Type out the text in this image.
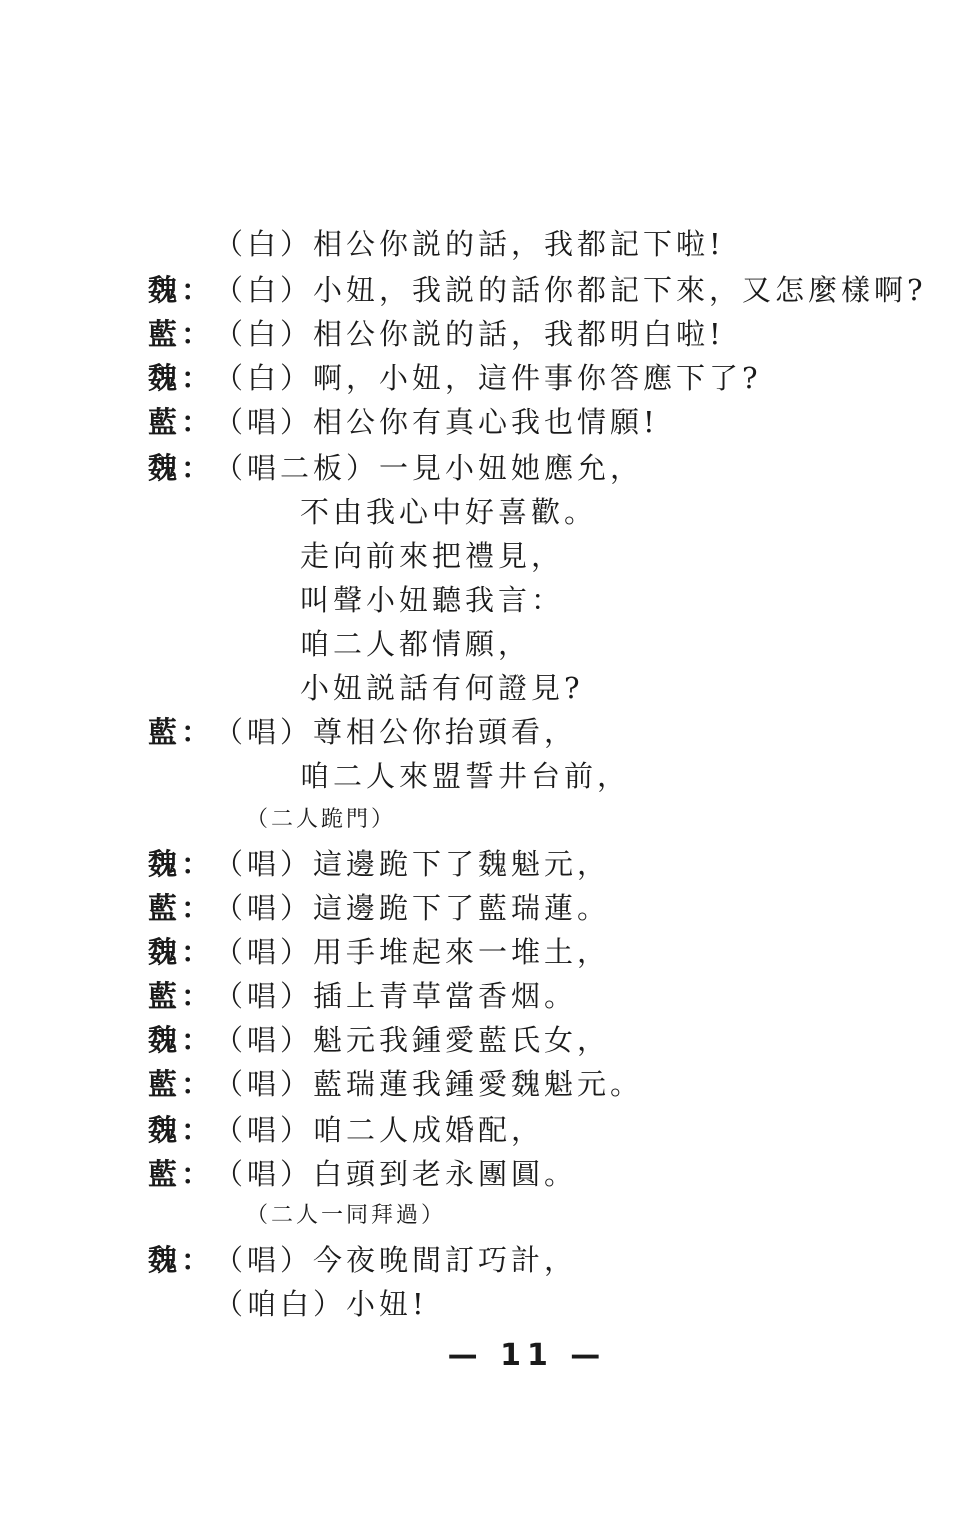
（白）相公你説的話，我都記下啦!
魏： （白）小妞，我説的話你都記下來，又怎麼樣啊?
藍： （白）相公你説的話，我都明白啦!
魏： （白）啊，小妞，這件事你答應下了?
藍： （唱）相公你有真心我也情願!
魏： （唱二板）一見小妞她應允，
不由我心中好喜歡。
走向前來把禮見，
叫聲小妞聽我言：
咱二人都情願，
小妞説話有何證見?
藍： （唱）尊相公你抬頭看，
咱二人來盟誓井台前，
（二人跪門）
魏： （唱）這邊跪下了魏魁元，
藍： （唱）這邊跪下了藍瑞蓮。
魏： （唱）用手堆起來一堆土，
藍： （唱）插上青草當香烟。
魏： （唱）魁元我鍾愛藍氏女，
藍： （唱）藍瑞蓮我鍾愛魏魁元。
魏： （唱）咱二人成婚配，
藍： （唱）白頭到老永團圓。
（二人一同拜過）
魏： （唱）今夜晚間訂巧計，
（咱白）小妞!
— 11 —
